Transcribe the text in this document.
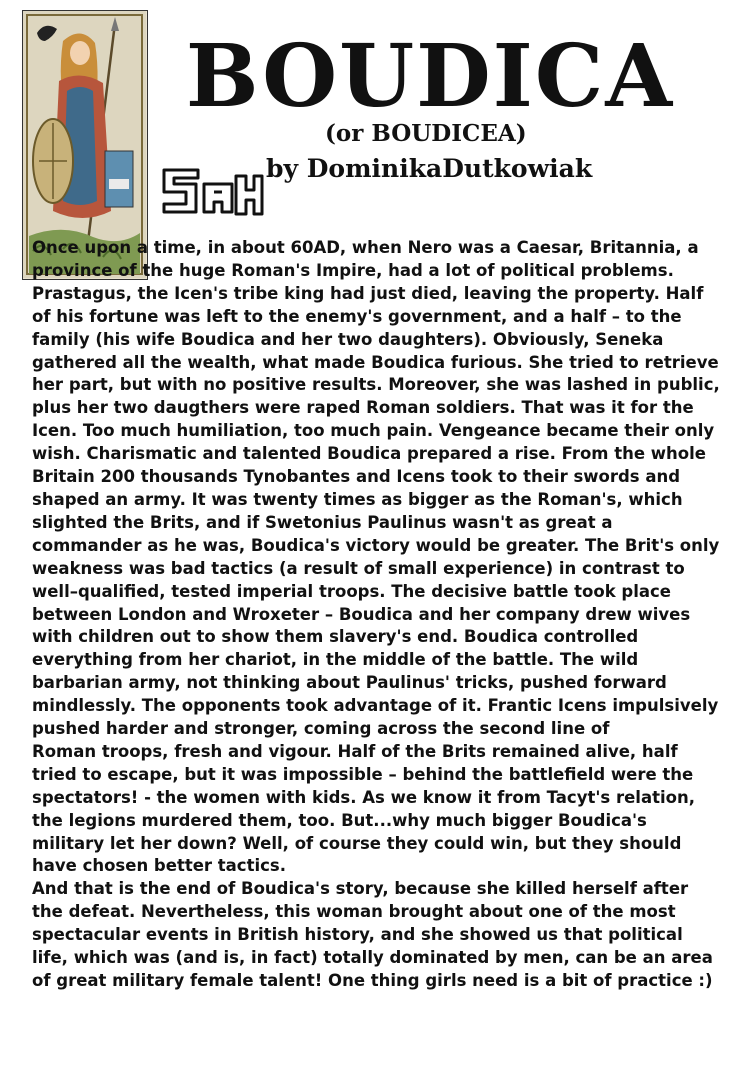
BOUDICA
(or BOUDICEA)
by DominikaDutkowiak

Once upon a time, in about 60AD, when Nero was a Caesar, Britannia, a province of the huge Roman's Impire, had a lot of political problems. Prastagus, the Icen's tribe king had just died, leaving the property. Half of his fortune was left to the enemy's government, and a half – to the family (his wife Boudica and her two daughters). Obviously, Seneka gathered all the wealth, what made Boudica furious. She tried to retrieve her part, but with no positive results. Moreover, she was lashed in public, plus her two daugthers were raped Roman soldiers. That was it for the Icen. Too much humiliation, too much pain. Vengeance became their only wish. Charismatic and talented Boudica prepared a rise. From the whole Britain 200 thousands Tynobantes and Icens took to their swords and shaped an army. It was twenty times as bigger as the Roman's, which slighted the Brits, and if Swetonius Paulinus wasn't as great a commander as he was, Boudica's victory would be greater. The Brit's only weakness was bad tactics (a result of small experience) in contrast to well–qualified, tested imperial troops. The decisive battle took place between London and Wroxeter – Boudica and her company drew wives with children out to show them slavery's end. Boudica controlled everything from her chariot, in the middle of the battle. The wild barbarian army, not thinking about Paulinus' tricks, pushed forward mindlessly. The opponents took advantage of it. Frantic Icens impulsively pushed harder and stronger, coming across the second line of

Roman troops, fresh and vigour. Half of the Brits remained alive, half tried to escape, but it was impossible – behind the battlefield were the spectators! - the women with kids. As we know it from Tacyt's relation, the legions murdered them, too. But...why much bigger Boudica's military let her down? Well, of course they could win, but they should have chosen better tactics.

And that is the end of Boudica's story, because she killed herself after the defeat. Nevertheless, this woman brought about one of the most spectacular events in British history, and she showed us that political life, which was (and is, in fact) totally dominated by men, can be an area of great military female talent! One thing girls need is a bit of practice :)
